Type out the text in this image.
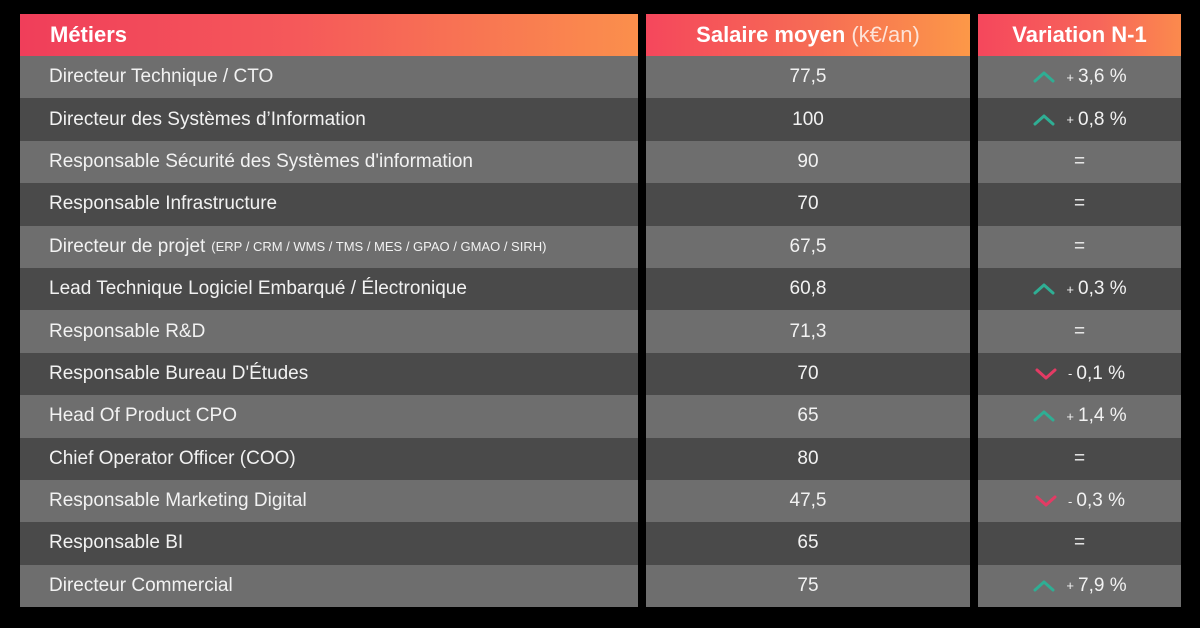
Métiers
Directeur Technique / CTO
Directeur des Systèmes d’Information
Responsable Sécurité des Systèmes d'information
Responsable Infrastructure
Directeur de projet (ERP / CRM / WMS / TMS / MES / GPAO / GMAO / SIRH)
Lead Technique Logiciel Embarqué / Électronique
Responsable R&D
Responsable Bureau D'Études
Head Of Product CPO
Chief Operator Officer (COO)
Responsable Marketing Digital
Responsable BI
Directeur Commercial
Salaire moyen (k€/an)
77,5
100
90
70
67,5
60,8
71,3
70
65
80
47,5
65
75
Variation N-1
+ 3,6 %
+ 0,8 %
=
=
=
+ 0,3 %
=
- 0,1 %
+ 1,4 %
=
- 0,3 %
=
+ 7,9 %
